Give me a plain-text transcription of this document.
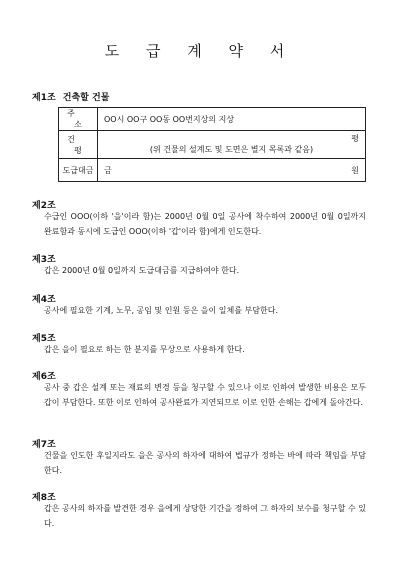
도 급 계 약 서
제1조 건축할 건물
주 소	OO시 OO구 OO동 OO번지상의 지상
건 평	평
(위 건물의 설계도 및 도면은 별지 목록과 같음)

도급대금	금 원
제2조
수급인 OOO(이하 '을'이라 함)는 2000년 0월 0일 공사에 착수하여 2000년 0월 0일까지 완료함과 동시에 도급인 OOO(이하 '갑'이라 함)에게 인도한다.
제3조
갑은 2000년 0월 0일까지 도급대금를 지급하여야 한다.
제4조
공사에 필요한 기계, 노무, 공임 및 인원 등은 을이 일체를 부담한다.
제5조
갑은 을이 필요로 하는 한 분지를 무상으로 사용하게 한다.
제6조
공사 중 갑은 설계 또는 재료의 변경 등을 청구할 수 있으나 이로 인하여 발생한 비용은 모두 갑이 부담한다. 또한 이로 인하여 공사완료가 지연되므로 이로 인한 손해는 갑에게 돌아간다.
제7조
건물을 인도한 후일지라도 을은 공사의 하자에 대하여 법규가 정하는 바에 따라 책임을 부담한다.
제8조
갑은 공사의 하자를 발견한 경우 을에게 상당한 기간을 정하여 그 하자의 보수를 청구할 수 있다.
